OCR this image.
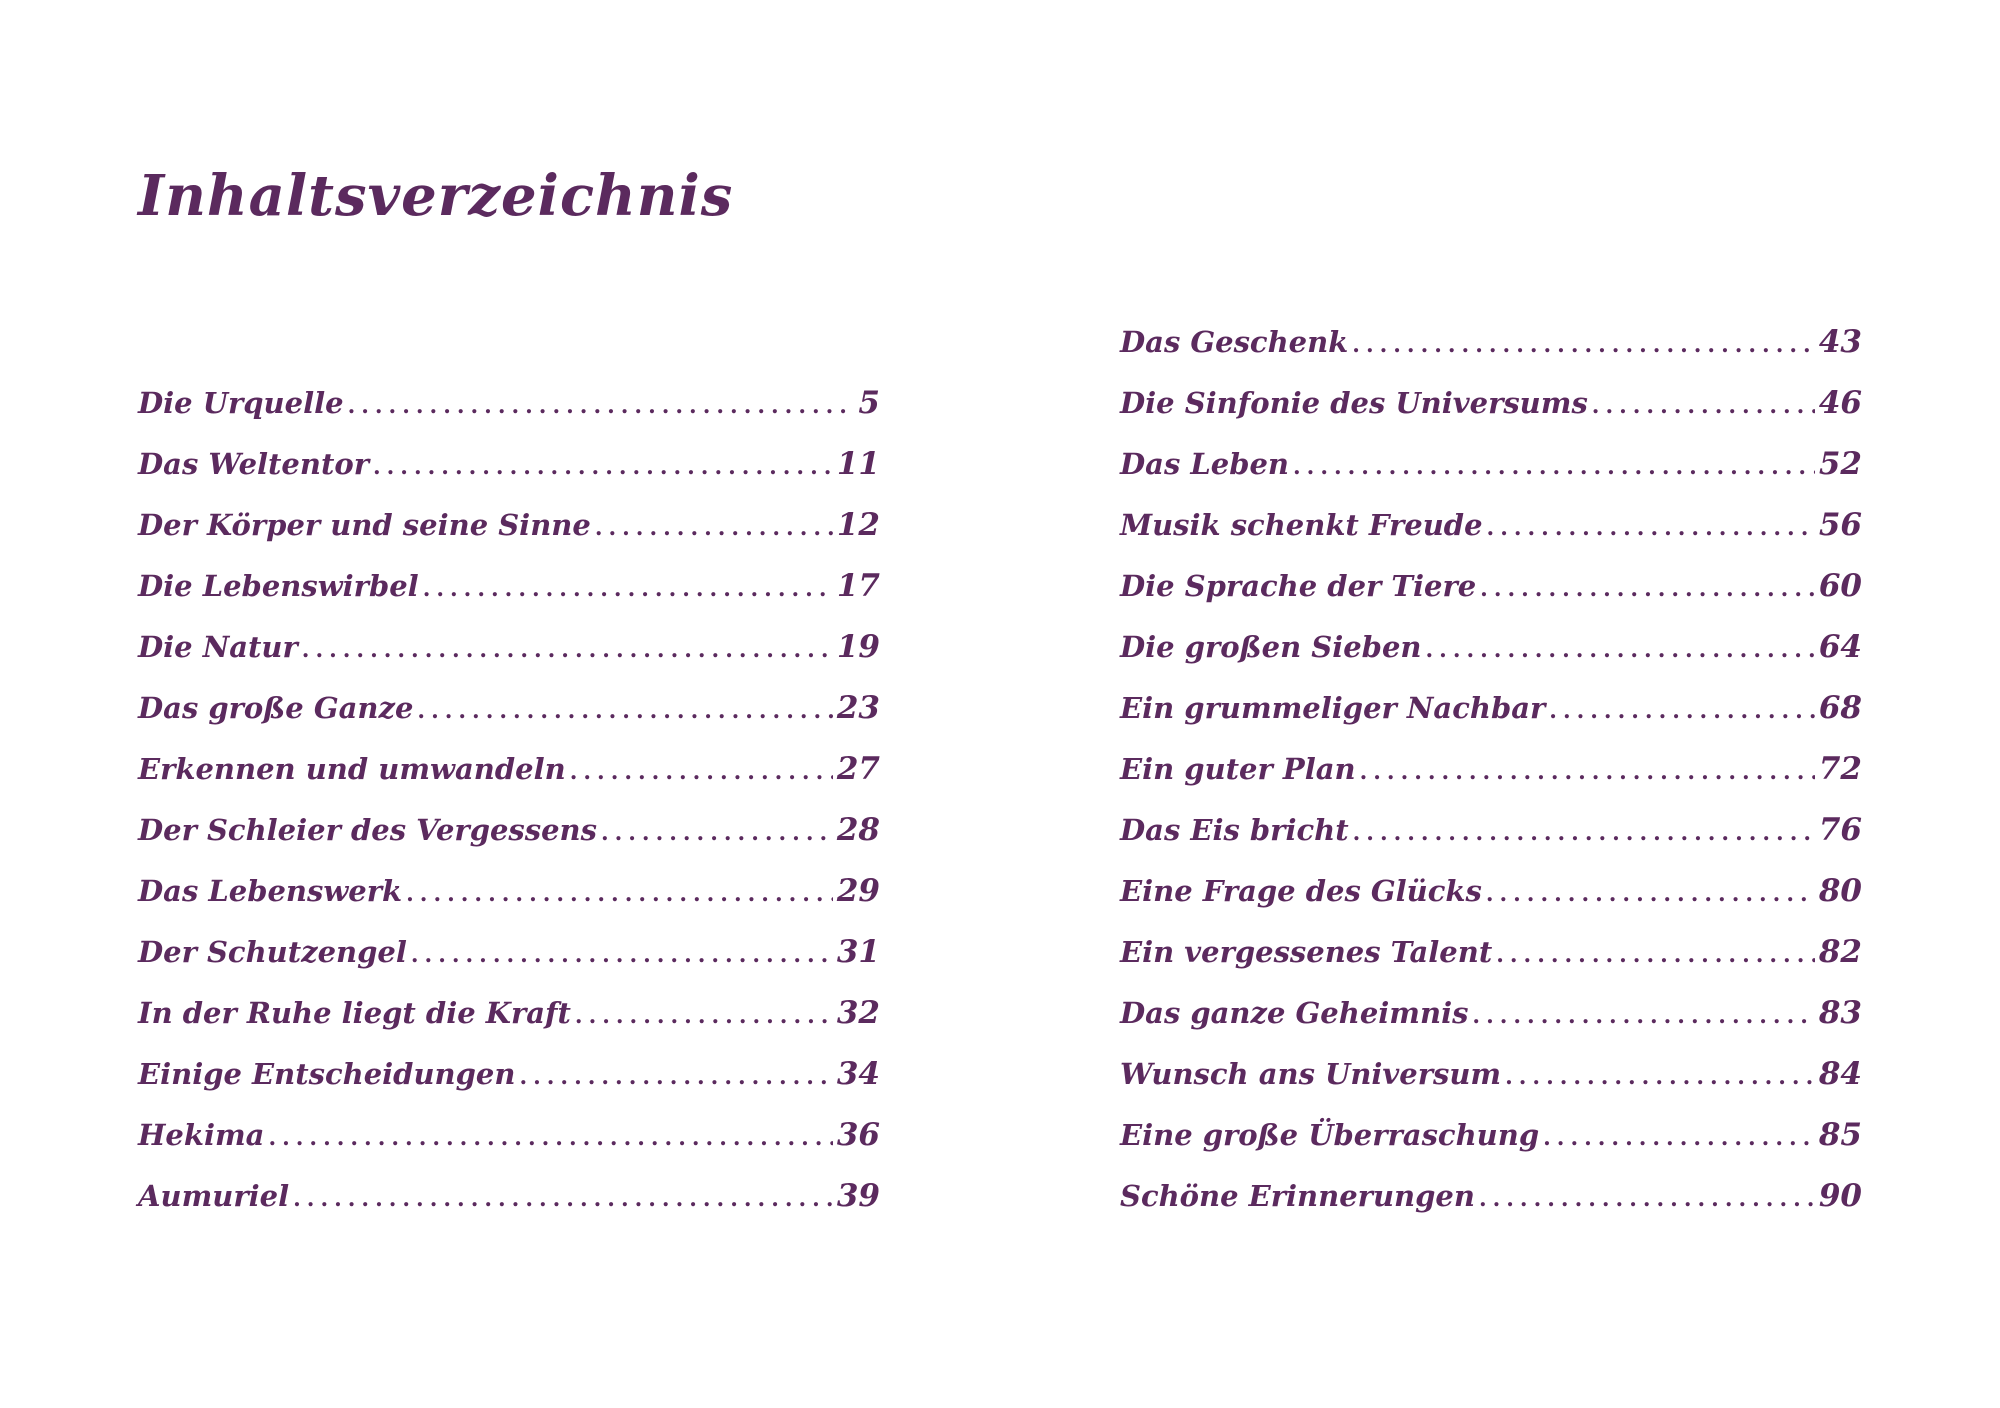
Inhaltsverzeichnis
Die Urquelle .....	5
Das Weltentor .....	11
Der Körper und seine Sinne .....	12
Die Lebenswirbel .....	17
Die Natur .....	19
Das große Ganze .....	23
Erkennen und umwandeln .....	27
Der Schleier des Vergessens .....	28
Das Lebenswerk .....	29
Der Schutzengel .....	31
In der Ruhe liegt die Kraft .....	32
Einige Entscheidungen .....	34
Hekima .....	36
Aumuriel .....	39
Das Geschenk .....	43
Die Sinfonie des Universums .....	46
Das Leben .....	52
Musik schenkt Freude .....	56
Die Sprache der Tiere .....	60
Die großen Sieben .....	64
Ein grummeliger Nachbar .....	68
Ein guter Plan .....	72
Das Eis bricht .....	76
Eine Frage des Glücks .....	80
Ein vergessenes Talent .....	82
Das ganze Geheimnis .....	83
Wunsch ans Universum .....	84
Eine große Überraschung .....	85
Schöne Erinnerungen .....	90
